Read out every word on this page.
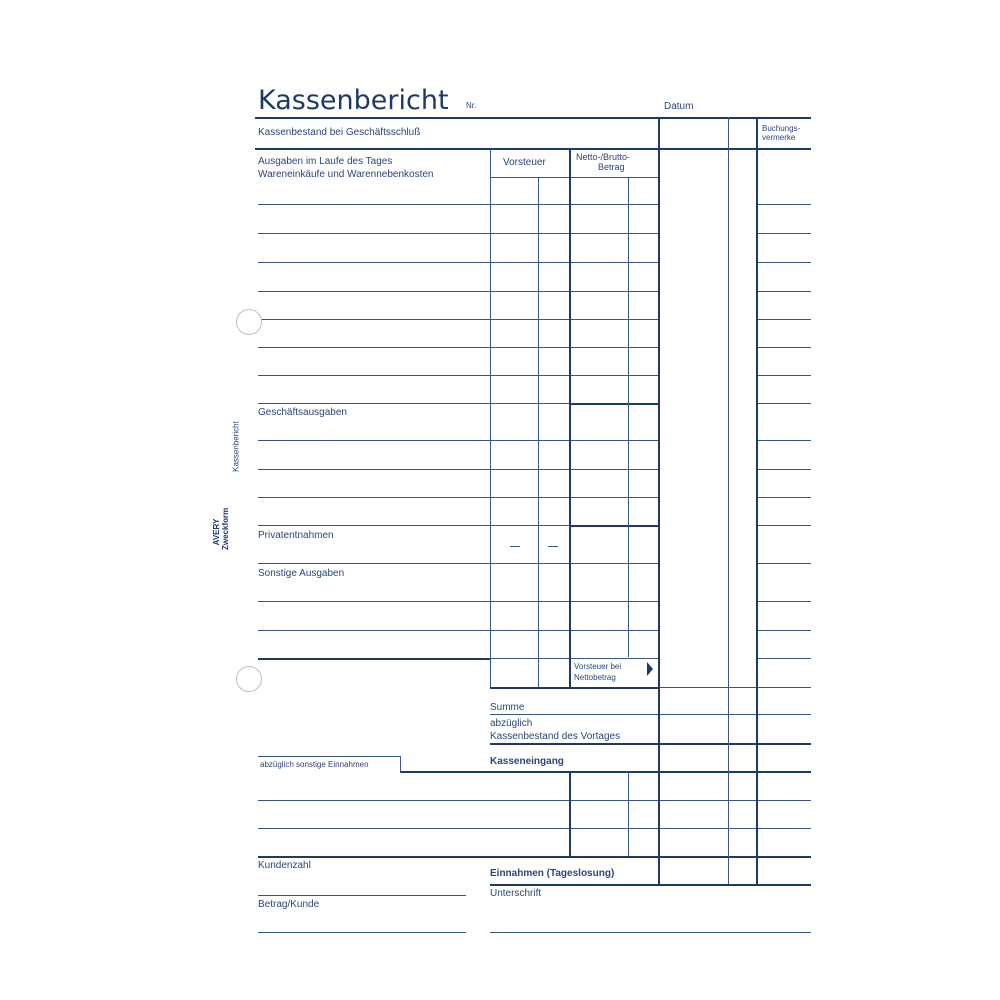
Kassenbericht Nr.	Datum
Buchungs-
vermerke
Kassenbestand bei Geschäftsschluß
Ausgaben im Laufe des Tages
Wareneinkäufe und Warennebenkosten
Vorsteuer	Netto-/Brutto-
Betrag
Geschäftsausgaben
Privatentnahmen
Sonstige Ausgaben
Vorsteuer bei
Nettobetrag
Summe
abzüglich
Kassenbestand des Vortages
Kasseneingang
abzüglich sonstige Einnahmen
Kundenzahl
Betrag/Kunde
Einnahmen (Tageslosung)
Unterschrift
Kassenbericht
AVERY Zweckform
